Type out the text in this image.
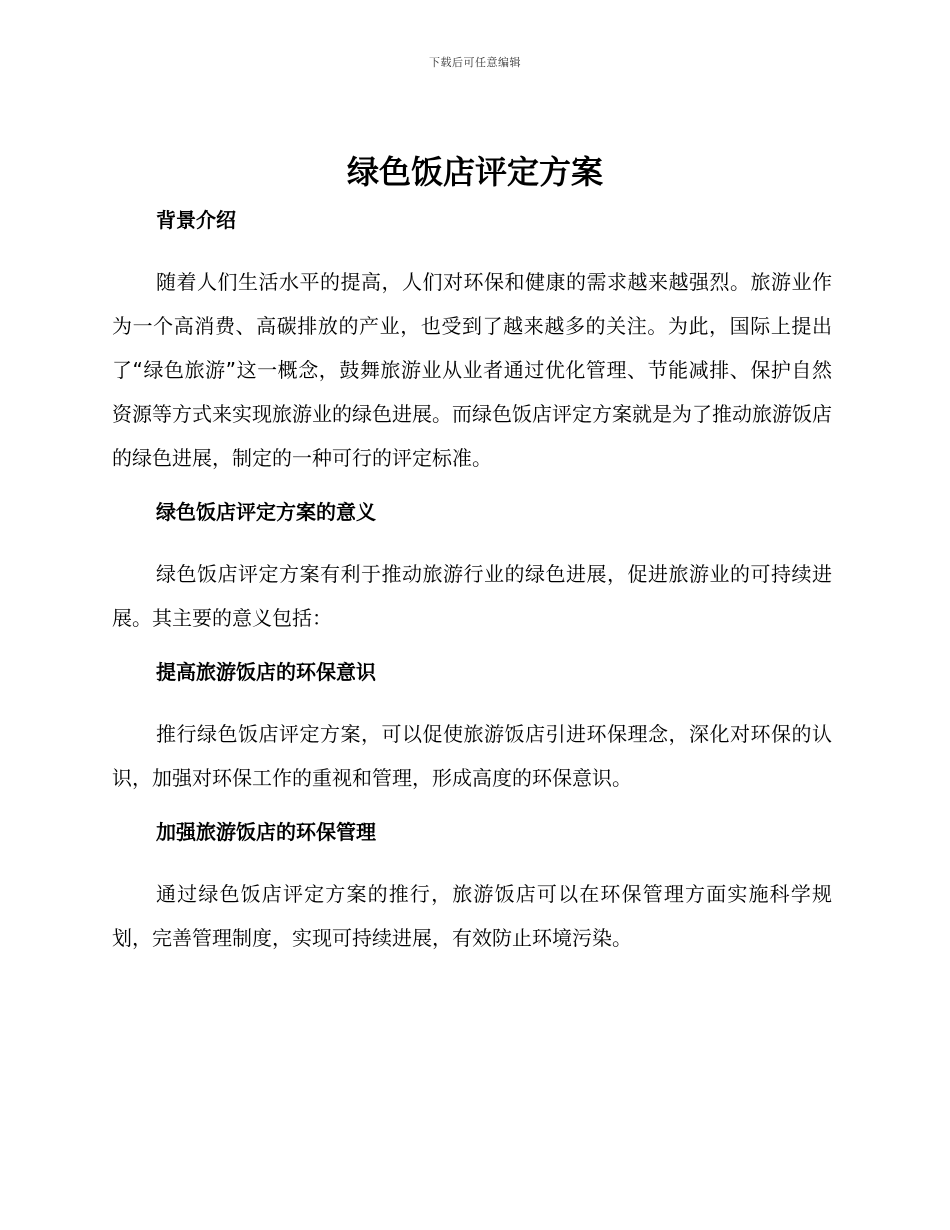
下载后可任意编辑
绿色饭店评定方案
背景介绍

随着人们生活水平的提高，人们对环保和健康的需求越来越强烈。旅游业作为一个高消费、高碳排放的产业，也受到了越来越多的关注。为此，国际上提出了“绿色旅游”这一概念，鼓舞旅游业从业者通过优化管理、节能减排、保护自然资源等方式来实现旅游业的绿色进展。而绿色饭店评定方案就是为了推动旅游饭店的绿色进展，制定的一种可行的评定标准。

绿色饭店评定方案的意义

绿色饭店评定方案有利于推动旅游行业的绿色进展，促进旅游业的可持续进展。其主要的意义包括：

提高旅游饭店的环保意识

推行绿色饭店评定方案，可以促使旅游饭店引进环保理念，深化对环保的认识，加强对环保工作的重视和管理，形成高度的环保意识。

加强旅游饭店的环保管理

通过绿色饭店评定方案的推行，旅游饭店可以在环保管理方面实施科学规划，完善管理制度，实现可持续进展，有效防止环境污染。
